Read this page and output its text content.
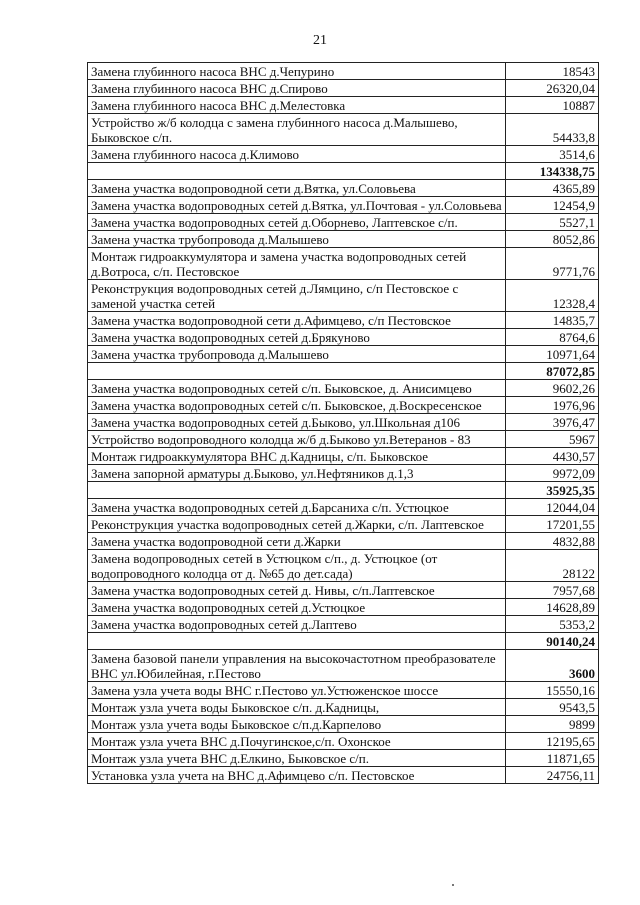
21
Замена глубинного насоса ВНС д.Чепурино	18543
Замена глубинного насоса ВНС д.Спирово	26320,04
Замена глубинного насоса ВНС д.Мелестовка	10887
Устройство ж/б колодца с замена глубинного насоса д.Малышево, Быковское с/п.	54433,8
Замена глубинного насоса д.Климово	3514,6
	134338,75
Замена участка водопроводной сети д.Вятка, ул.Соловьева	4365,89
Замена участка водопроводных сетей д.Вятка, ул.Почтовая - ул.Соловьева	12454,9
Замена участка водопроводных сетей д.Оборнево, Лаптевское с/п.	5527,1
Замена участка трубопровода д.Малышево	8052,86
Монтаж гидроаккумулятора и замена участка водопроводных сетей д.Вотроса, с/п. Пестовское	9771,76
Реконструкция водопроводных сетей д.Лямцино, с/п Пестовское с заменой участка сетей	12328,4
Замена участка водопроводной сети д.Афимцево, с/п Пестовское	14835,7
Замена участка водопроводных сетей д.Брякуново	8764,6
Замена участка трубопровода д.Малышево	10971,64
	87072,85
Замена участка водопроводных сетей с/п. Быковское, д. Анисимцево	9602,26
Замена участка водопроводных сетей с/п. Быковское, д.Воскресенское	1976,96
Замена участка водопроводных сетей д.Быково, ул.Школьная д106	3976,47
Устройство водопроводного колодца ж/б д.Быково ул.Ветеранов - 83	5967
Монтаж гидроаккумулятора ВНС д.Кадницы, с/п. Быковское	4430,57
Замена запорной арматуры д.Быково, ул.Нефтяников д.1,3	9972,09
	35925,35
Замена участка водопроводных сетей д.Барсаниха с/п. Устюцкое	12044,04
Реконструкция участка водопроводных сетей д.Жарки, с/п. Лаптевское	17201,55
Замена участка водопроводной сети д.Жарки	4832,88
Замена водопроводных сетей в Устюцком с/п., д. Устюцкое (от водопроводного колодца от д. №65 до дет.сада)	28122
Замена участка водопроводных сетей д. Нивы, с/п.Лаптевское	7957,68
Замена участка водопроводных сетей д.Устюцкое	14628,89
Замена участка водопроводных сетей д.Лаптево	5353,2
	90140,24
Замена базовой панели управления на высокочастотном преобразователе ВНС ул.Юбилейная, г.Пестово	3600
Замена узла учета воды ВНС г.Пестово ул.Устюженское шоссе	15550,16
Монтаж узла учета воды Быковское с/п. д.Кадницы,	9543,5
Монтаж узла учета воды Быковское с/п.д.Карпелово	9899
Монтаж узла учета ВНС д.Почугинское,с/п. Охонское	12195,65
Монтаж узла учета ВНС д.Елкино, Быковское с/п.	11871,65
Установка узла учета на ВНС д.Афимцево с/п. Пестовское	24756,11
